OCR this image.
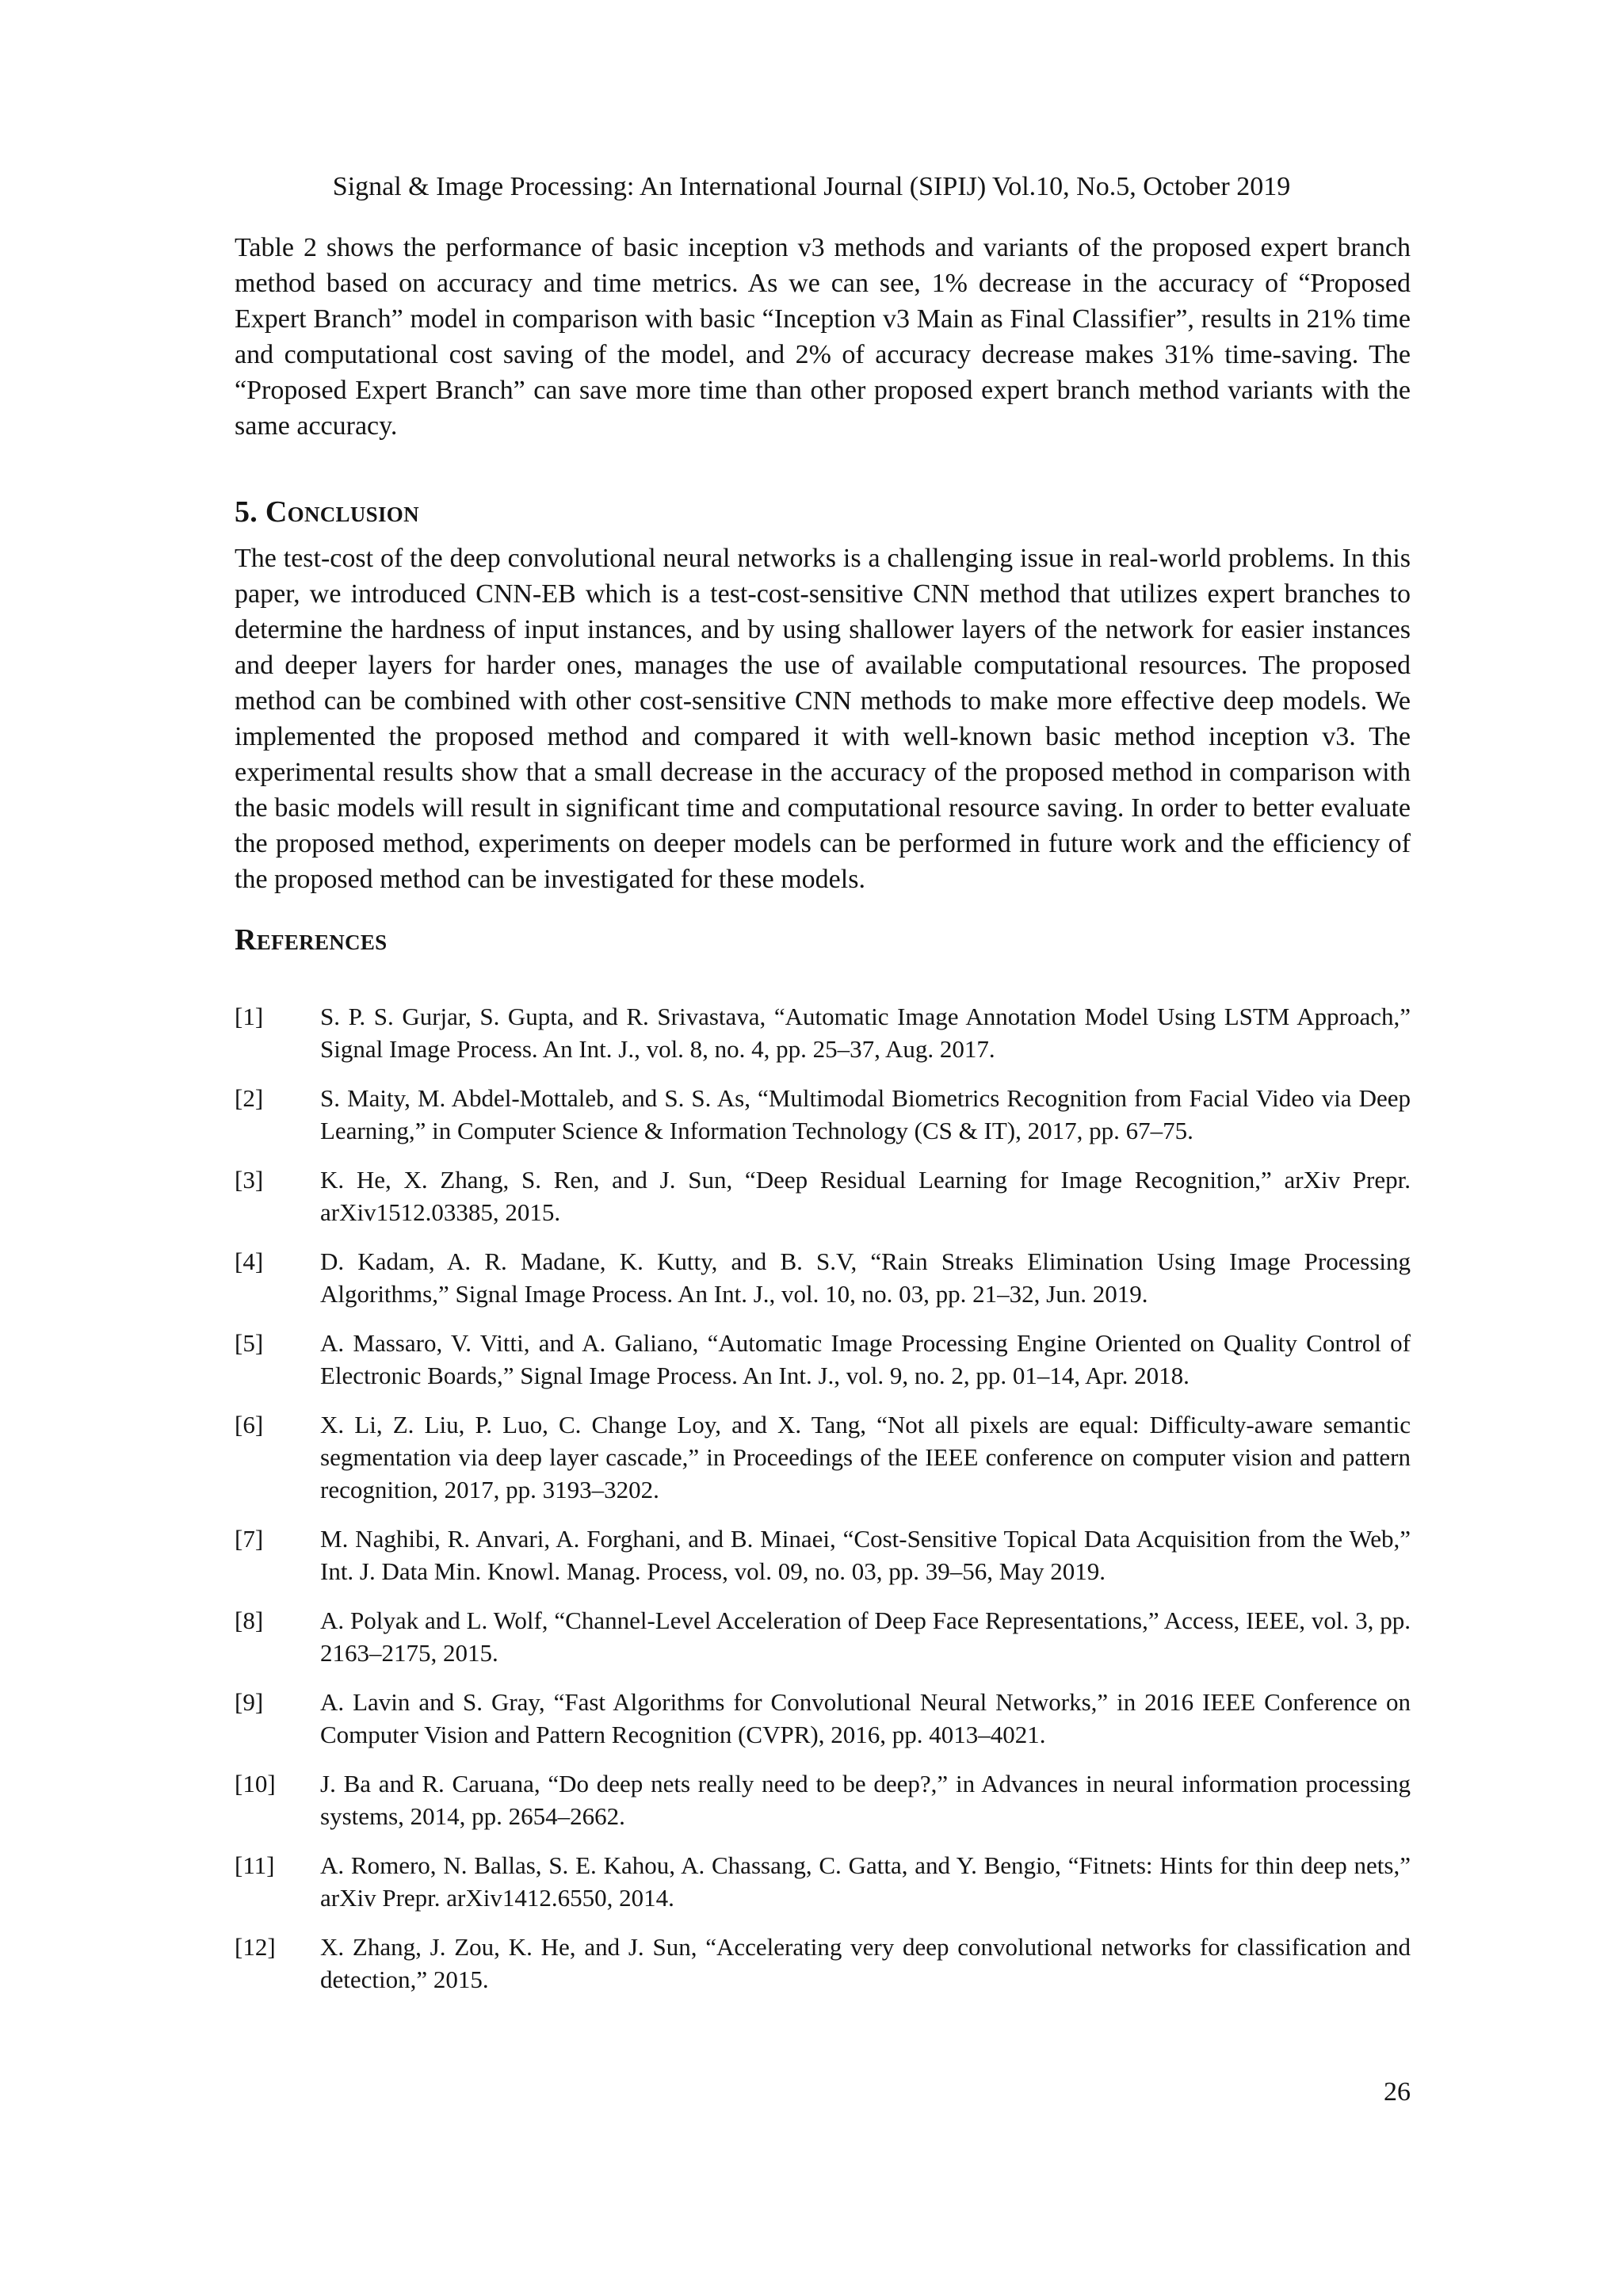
Signal & Image Processing: An International Journal (SIPIJ) Vol.10, No.5, October 2019

Table 2 shows the performance of basic inception v3 methods and variants of the proposed expert branch method based on accuracy and time metrics. As we can see, 1% decrease in the accuracy of “Proposed Expert Branch” model in comparison with basic “Inception v3 Main as Final Classifier”, results in 21% time and computational cost saving of the model, and 2% of accuracy decrease makes 31% time-saving. The “Proposed Expert Branch” can save more time than other proposed expert branch method variants with the same accuracy.

5. Conclusion

The test-cost of the deep convolutional neural networks is a challenging issue in real-world problems. In this paper, we introduced CNN-EB which is a test-cost-sensitive CNN method that utilizes expert branches to determine the hardness of input instances, and by using shallower layers of the network for easier instances and deeper layers for harder ones, manages the use of available computational resources. The proposed method can be combined with other cost-sensitive CNN methods to make more effective deep models. We implemented the proposed method and compared it with well-known basic method inception v3. The experimental results show that a small decrease in the accuracy of the proposed method in comparison with the basic models will result in significant time and computational resource saving. In order to better evaluate the proposed method, experiments on deeper models can be performed in future work and the efficiency of the proposed method can be investigated for these models.

References
[1]	S. P. S. Gurjar, S. Gupta, and R. Srivastava, “Automatic Image Annotation Model Using LSTM Approach,” Signal Image Process. An Int. J., vol. 8, no. 4, pp. 25–37, Aug. 2017.
[2]	S. Maity, M. Abdel-Mottaleb, and S. S. As, “Multimodal Biometrics Recognition from Facial Video via Deep Learning,” in Computer Science & Information Technology (CS & IT), 2017, pp. 67–75.
[3]	K. He, X. Zhang, S. Ren, and J. Sun, “Deep Residual Learning for Image Recognition,” arXiv Prepr. arXiv1512.03385, 2015.
[4]	D. Kadam, A. R. Madane, K. Kutty, and B. S.V, “Rain Streaks Elimination Using Image Processing Algorithms,” Signal Image Process. An Int. J., vol. 10, no. 03, pp. 21–32, Jun. 2019.
[5]	A. Massaro, V. Vitti, and A. Galiano, “Automatic Image Processing Engine Oriented on Quality Control of Electronic Boards,” Signal Image Process. An Int. J., vol. 9, no. 2, pp. 01–14, Apr. 2018.
[6]	X. Li, Z. Liu, P. Luo, C. Change Loy, and X. Tang, “Not all pixels are equal: Difficulty-aware semantic segmentation via deep layer cascade,” in Proceedings of the IEEE conference on computer vision and pattern recognition, 2017, pp. 3193–3202.
[7]	M. Naghibi, R. Anvari, A. Forghani, and B. Minaei, “Cost-Sensitive Topical Data Acquisition from the Web,” Int. J. Data Min. Knowl. Manag. Process, vol. 09, no. 03, pp. 39–56, May 2019.
[8]	A. Polyak and L. Wolf, “Channel-Level Acceleration of Deep Face Representations,” Access, IEEE, vol. 3, pp. 2163–2175, 2015.
[9]	A. Lavin and S. Gray, “Fast Algorithms for Convolutional Neural Networks,” in 2016 IEEE Conference on Computer Vision and Pattern Recognition (CVPR), 2016, pp. 4013–4021.
[10]	J. Ba and R. Caruana, “Do deep nets really need to be deep?,” in Advances in neural information processing systems, 2014, pp. 2654–2662.
[11]	A. Romero, N. Ballas, S. E. Kahou, A. Chassang, C. Gatta, and Y. Bengio, “Fitnets: Hints for thin deep nets,” arXiv Prepr. arXiv1412.6550, 2014.
[12]	X. Zhang, J. Zou, K. He, and J. Sun, “Accelerating very deep convolutional networks for classification and detection,” 2015.
26
